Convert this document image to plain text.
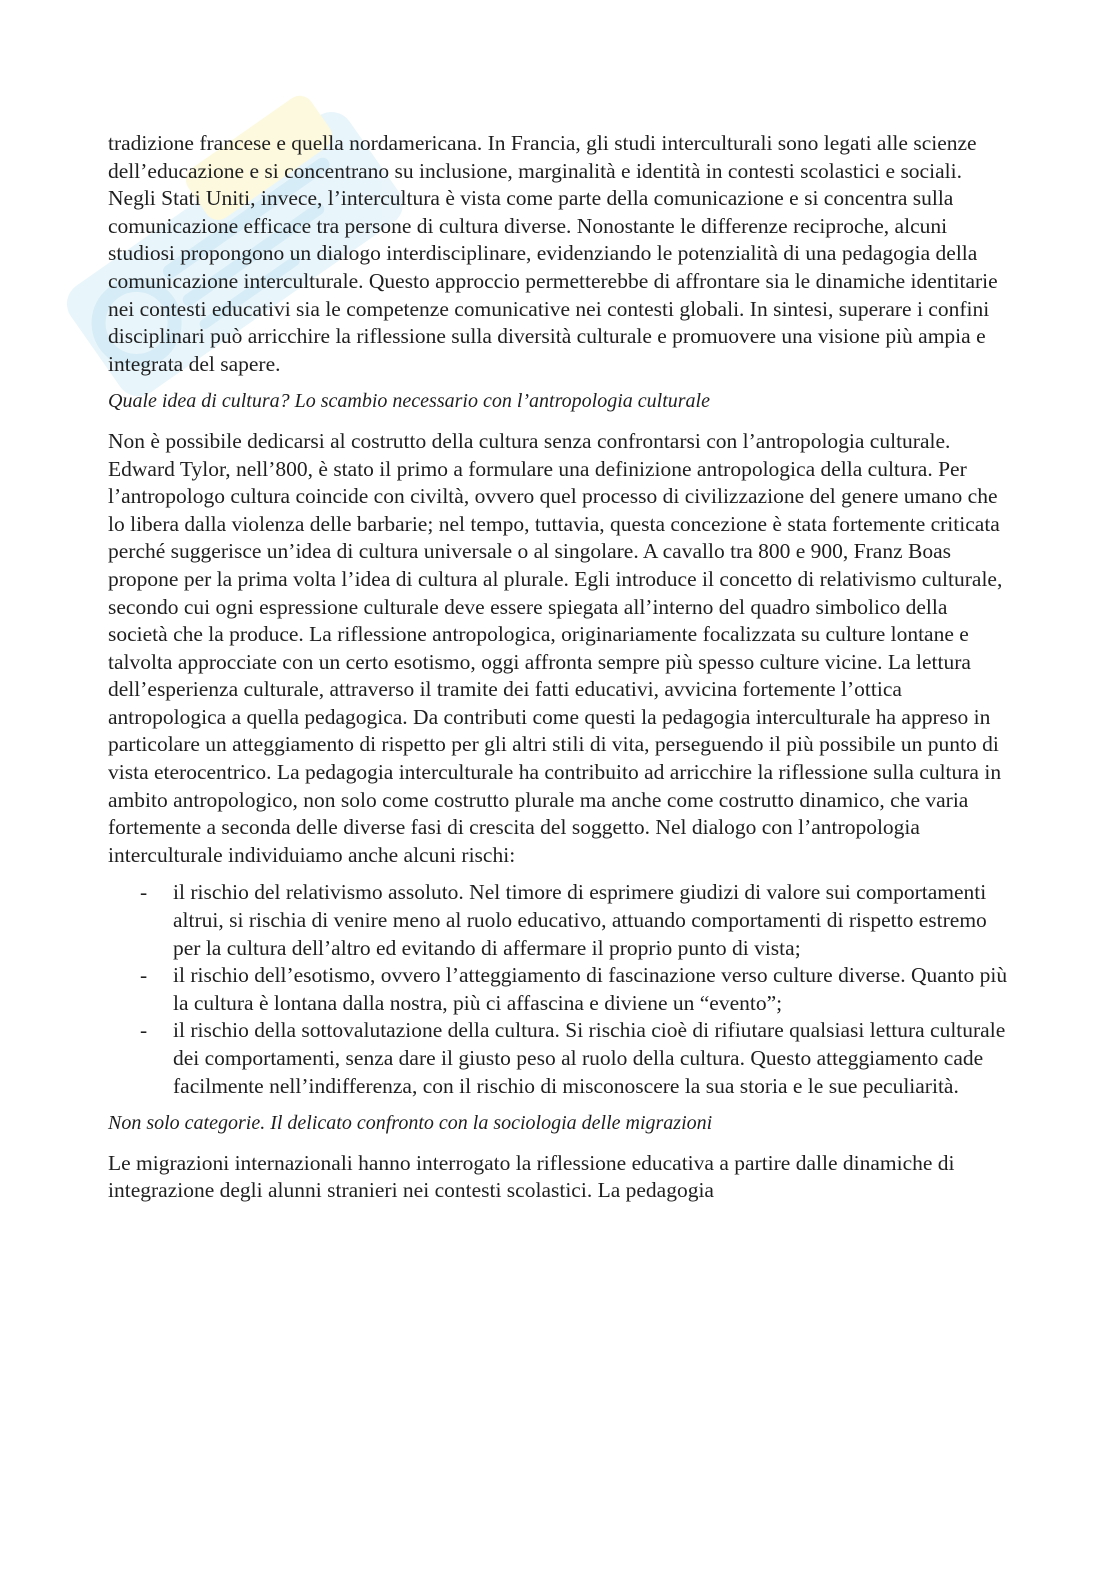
tradizione francese e quella nordamericana. In Francia, gli studi interculturali sono legati alle scienze dell’educazione e si concentrano su inclusione, marginalità e identità in contesti scolastici e sociali. Negli Stati Uniti, invece, l’intercultura è vista come parte della comunicazione e si concentra sulla comunicazione efficace tra persone di cultura diverse. Nonostante le differenze reciproche, alcuni studiosi propongono un dialogo interdisciplinare, evidenziando le potenzialità di una pedagogia della comunicazione interculturale. Questo approccio permetterebbe di affrontare sia le dinamiche identitarie nei contesti educativi sia le competenze comunicative nei contesti globali. In sintesi, superare i confini disciplinari può arricchire la riflessione sulla diversità culturale e promuovere una visione più ampia e integrata del sapere.

Quale idea di cultura? Lo scambio necessario con l’antropologia culturale

Non è possibile dedicarsi al costrutto della cultura senza confrontarsi con l’antropologia culturale. Edward Tylor, nell’800, è stato il primo a formulare una definizione antropologica della cultura. Per l’antropologo cultura coincide con civiltà, ovvero quel processo di civilizzazione del genere umano che lo libera dalla violenza delle barbarie; nel tempo, tuttavia, questa concezione è stata fortemente criticata perché suggerisce un’idea di cultura universale o al singolare. A cavallo tra 800 e 900, Franz Boas propone per la prima volta l’idea di cultura al plurale. Egli introduce il concetto di relativismo culturale, secondo cui ogni espressione culturale deve essere spiegata all’interno del quadro simbolico della società che la produce. La riflessione antropologica, originariamente focalizzata su culture lontane e talvolta approcciate con un certo esotismo, oggi affronta sempre più spesso culture vicine. La lettura dell’esperienza culturale, attraverso il tramite dei fatti educativi, avvicina fortemente l’ottica antropologica a quella pedagogica. Da contributi come questi la pedagogia interculturale ha appreso in particolare un atteggiamento di rispetto per gli altri stili di vita, perseguendo il più possibile un punto di vista eterocentrico. La pedagogia interculturale ha contribuito ad arricchire la riflessione sulla cultura in ambito antropologico, non solo come costrutto plurale ma anche come costrutto dinamico, che varia fortemente a seconda delle diverse fasi di crescita del soggetto. Nel dialogo con l’antropologia interculturale individuiamo anche alcuni rischi:

- il rischio del relativismo assoluto. Nel timore di esprimere giudizi di valore sui comportamenti altrui, si rischia di venire meno al ruolo educativo, attuando comportamenti di rispetto estremo per la cultura dell’altro ed evitando di affermare il proprio punto di vista;
- il rischio dell’esotismo, ovvero l’atteggiamento di fascinazione verso culture diverse. Quanto più la cultura è lontana dalla nostra, più ci affascina e diviene un “evento”;
- il rischio della sottovalutazione della cultura. Si rischia cioè di rifiutare qualsiasi lettura culturale dei comportamenti, senza dare il giusto peso al ruolo della cultura. Questo atteggiamento cade facilmente nell’indifferenza, con il rischio di misconoscere la sua storia e le sue peculiarità.

Non solo categorie. Il delicato confronto con la sociologia delle migrazioni

Le migrazioni internazionali hanno interrogato la riflessione educativa a partire dalle dinamiche di integrazione degli alunni stranieri nei contesti scolastici. La pedagogia
